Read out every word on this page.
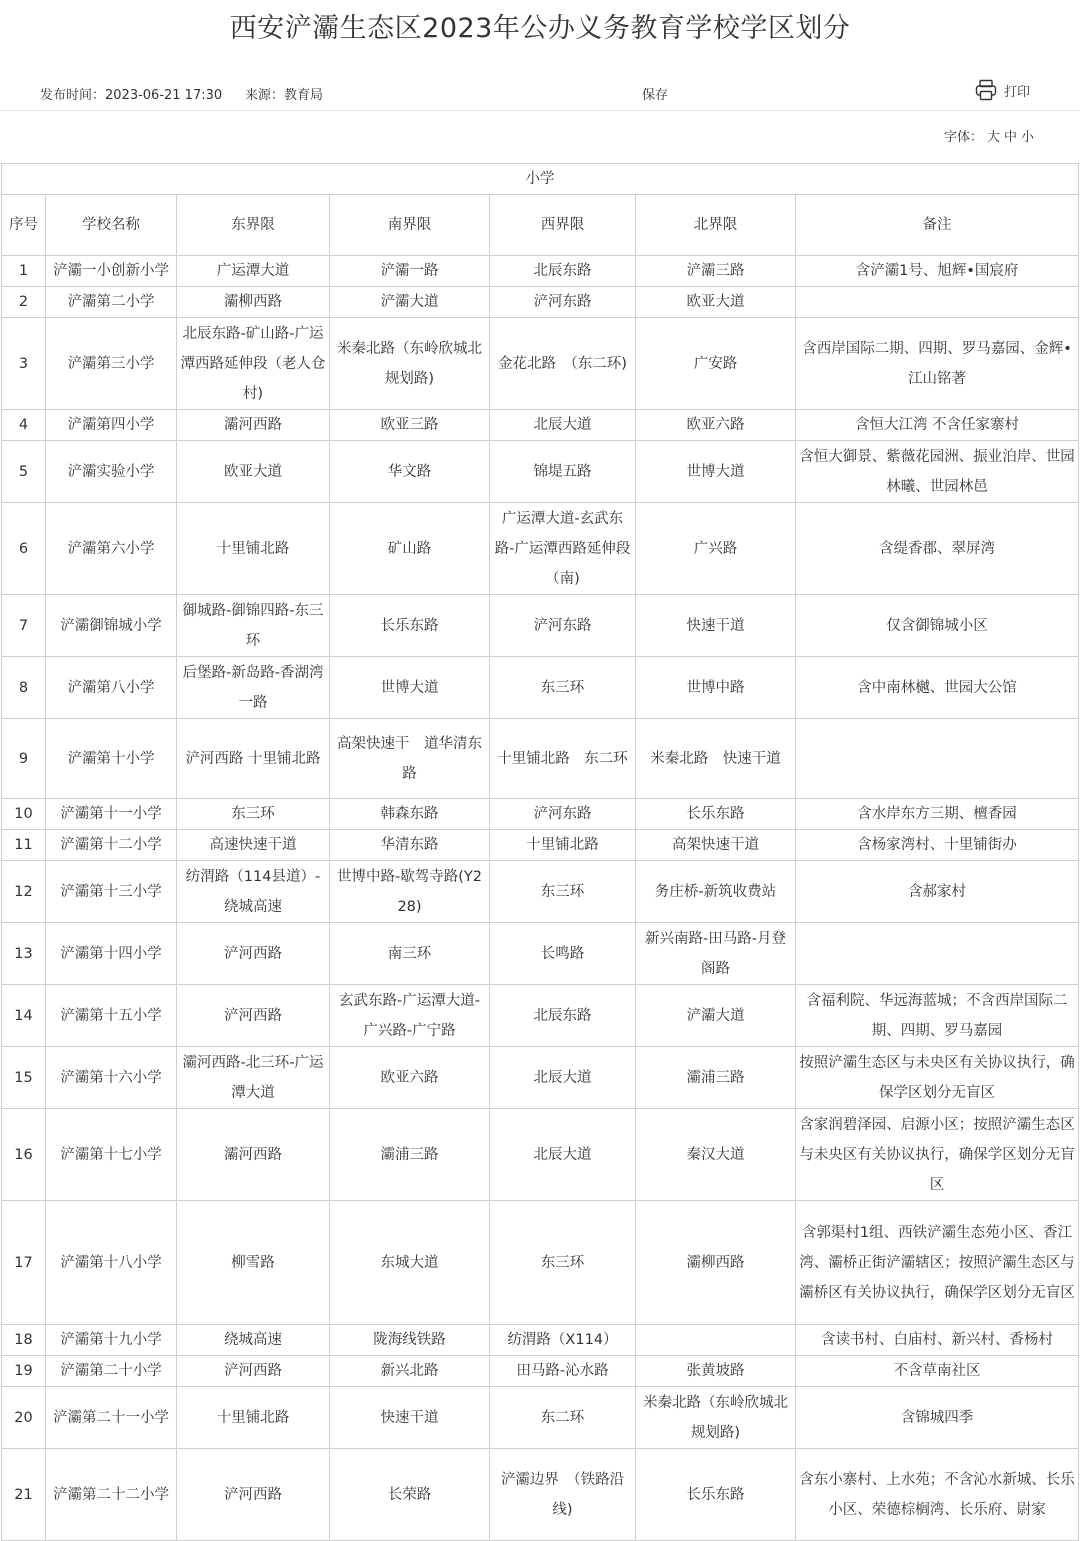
西安浐灞生态区2023年公办义务教育学校学区划分
发布时间：2023-06-21 17:30 来源：教育局	保存	打印
字体： 大 中 小
小学						
序号	学校名称	东界限	南界限	西界限	北界限	备注
1	浐灞一小创新小学	广运潭大道	浐灞一路	北辰东路	浐灞三路	含浐灞1号、旭辉•国宸府
2	浐灞第二小学	灞柳西路	浐灞大道	浐河东路	欧亚大道	
3	浐灞第三小学	北辰东路-矿山路-广运潭西路延伸段（老人仓村)	米秦北路（东岭欣城北规划路)	金花北路　（东二环)	广安路	含西岸国际二期、四期、罗马嘉园、金辉•江山铭著
4	浐灞第四小学	灞河西路	欧亚三路	北辰大道	欧亚六路	含恒大江湾 不含任家寨村
5	浐灞实验小学	欧亚大道	华文路	锦堤五路	世博大道	含恒大御景、紫薇花园洲、振业泊岸、世园林曦、世园林邑
6	浐灞第六小学	十里铺北路	矿山路	广运潭大道-玄武东路-广运潭西路延伸段（南)	广兴路	含缇香郡、翠屏湾
7	浐灞御锦城小学	御城路-御锦四路-东三环	长乐东路	浐河东路	快速干道	仅含御锦城小区
8	浐灞第八小学	后堡路-新岛路-香湖湾一路	世博大道	东三环	世博中路	含中南林樾、世园大公馆
9	浐灞第十小学	浐河西路 十里铺北路	高架快速干　道华清东路	十里铺北路　东二环	米秦北路　快速干道	
10	浐灞第十一小学	东三环	韩森东路	浐河东路	长乐东路	含水岸东方三期、檀香园
11	浐灞第十二小学	高速快速干道	华清东路	十里铺北路	高架快速干道	含杨家湾村、十里铺街办
12	浐灞第十三小学	纺渭路（114县道）-绕城高速	世博中路-歇驾寺路(Y228)	东三环	务庄桥-新筑收费站	含郝家村
13	浐灞第十四小学	浐河西路	南三环	长鸣路	新兴南路-田马路-月登阁路	
14	浐灞第十五小学	浐河西路	玄武东路-广运潭大道-广兴路-广宁路	北辰东路	浐灞大道	含福利院、华远海蓝城；不含西岸国际二期、四期、罗马嘉园
15	浐灞第十六小学	灞河西路-北三环-广运潭大道	欧亚六路	北辰大道	灞浦三路	按照浐灞生态区与未央区有关协议执行，确保学区划分无盲区
16	浐灞第十七小学	灞河西路	灞浦三路	北辰大道	秦汉大道	含家润碧泽园、启源小区；按照浐灞生态区与未央区有关协议执行，确保学区划分无盲区
17	浐灞第十八小学	柳雪路	东城大道	东三环	灞柳西路	含郭渠村1组、西铁浐灞生态苑小区、香江湾、灞桥正街浐灞辖区；按照浐灞生态区与灞桥区有关协议执行，确保学区划分无盲区
18	浐灞第十九小学	绕城高速	陇海线铁路	纺渭路（X114）		含读书村、白庙村、新兴村、香杨村
19	浐灞第二十小学	浐河西路	新兴北路	田马路-沁水路	张黄坡路	不含草南社区
20	浐灞第二十一小学	十里铺北路	快速干道	东二环	米秦北路（东岭欣城北规划路)	含锦城四季
21	浐灞第二十二小学	浐河西路	长荣路	浐灞边界　（铁路沿线)	长乐东路	含东小寨村、上水苑；不含沁水新城、长乐小区、荣德棕榈湾、长乐府、尉家
